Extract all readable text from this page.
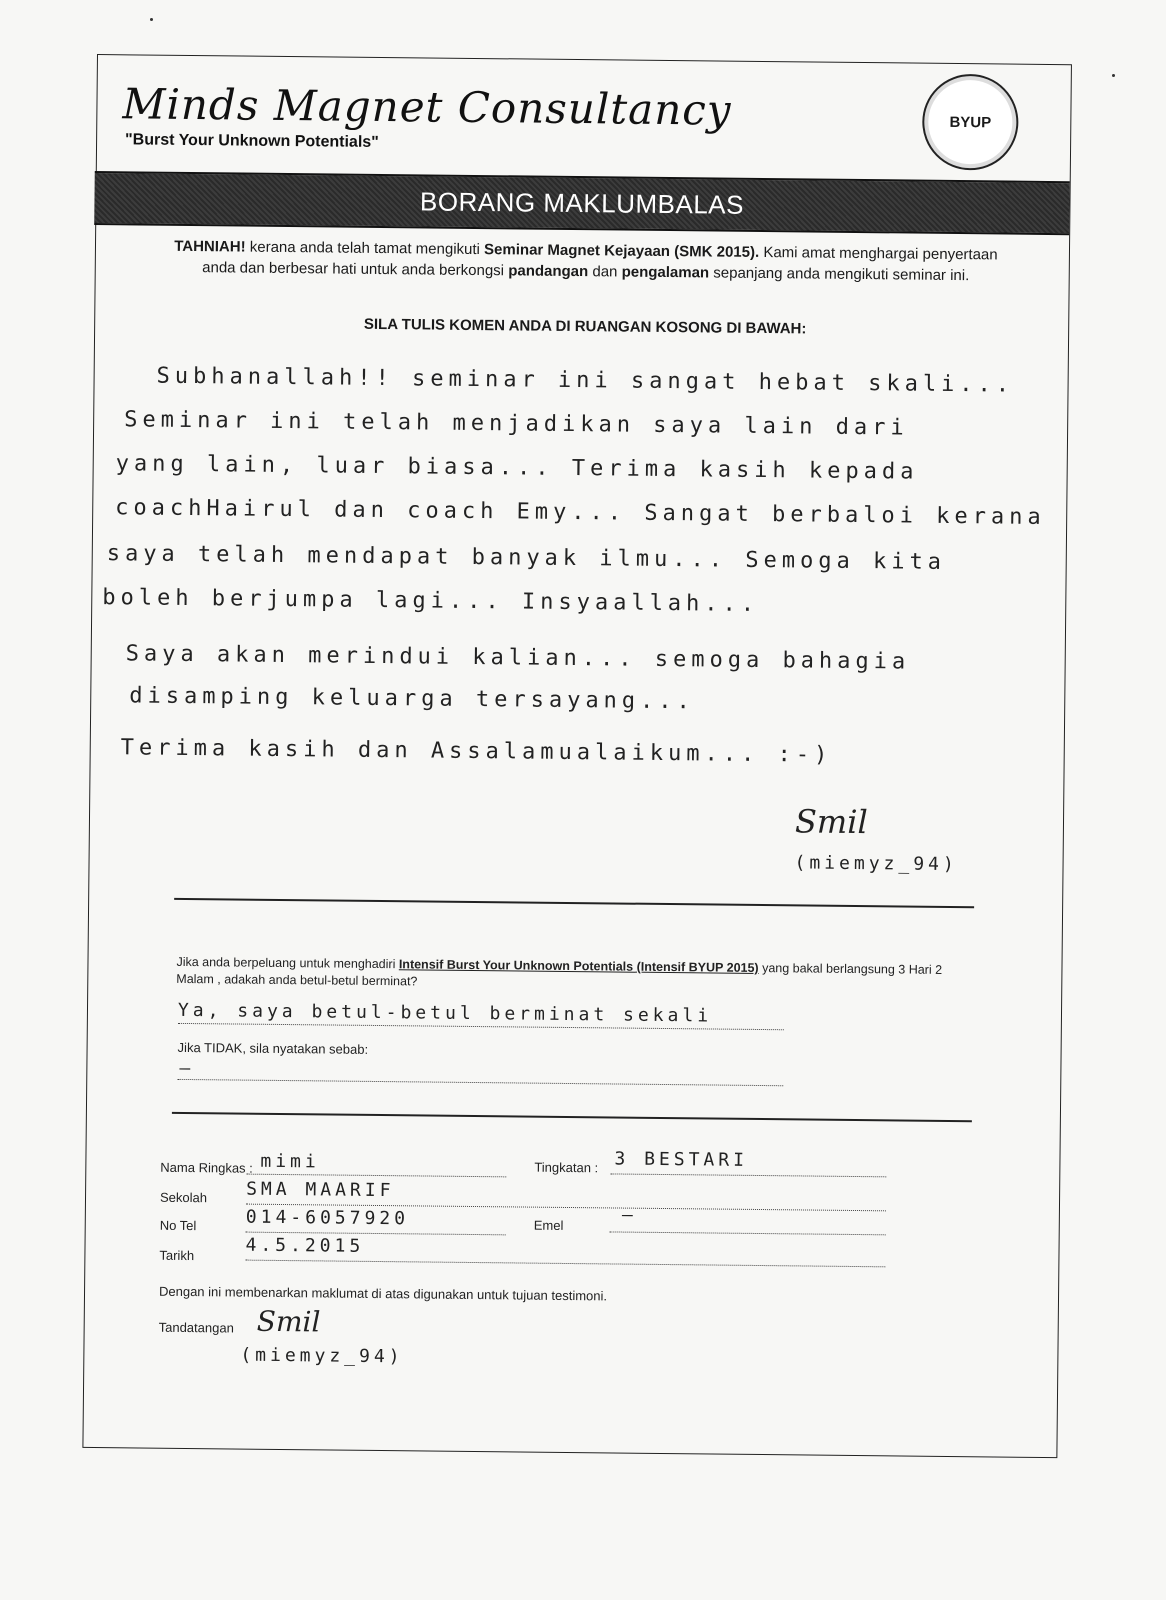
Minds Magnet Consultancy
"Burst Your Unknown Potentials"
BYUP
BORANG MAKLUMBALAS
TAHNIAH! kerana anda telah tamat mengikuti Seminar Magnet Kejayaan (SMK 2015). Kami amat menghargai penyertaan anda dan berbesar hati untuk anda berkongsi pandangan dan pengalaman sepanjang anda mengikuti seminar ini.
SILA TULIS KOMEN ANDA DI RUANGAN KOSONG DI BAWAH:
Subhanallah!! seminar ini sangat hebat skali...
Seminar ini telah menjadikan saya lain dari
yang lain, luar biasa... Terima kasih kepada
coachHairul dan coach Emy... Sangat berbaloi kerana
saya telah mendapat banyak ilmu... Semoga kita
boleh berjumpa lagi... Insyaallah...
Saya akan merindui kalian... semoga bahagia
disamping keluarga tersayang...
Terima kasih dan Assalamualaikum... :-)
Smil
(miemyz_94)
Jika anda berpeluang untuk menghadiri Intensif Burst Your Unknown Potentials (Intensif BYUP 2015) yang bakal berlangsung 3 Hari 2 Malam , adakah anda betul-betul berminat?
Ya, saya betul-betul berminat sekali
Jika TIDAK, sila nyatakan sebab:
—
Nama Ringkas : mimi	Tingkatan : 3 BESTARI
Sekolah SMA MAARIF
No Tel	014-6057920	Emel	—
Tarikh	4.5.2015
Dengan ini membenarkan maklumat di atas digunakan untuk tujuan testimoni.
Tandatangan Smil
(miemyz_94)
